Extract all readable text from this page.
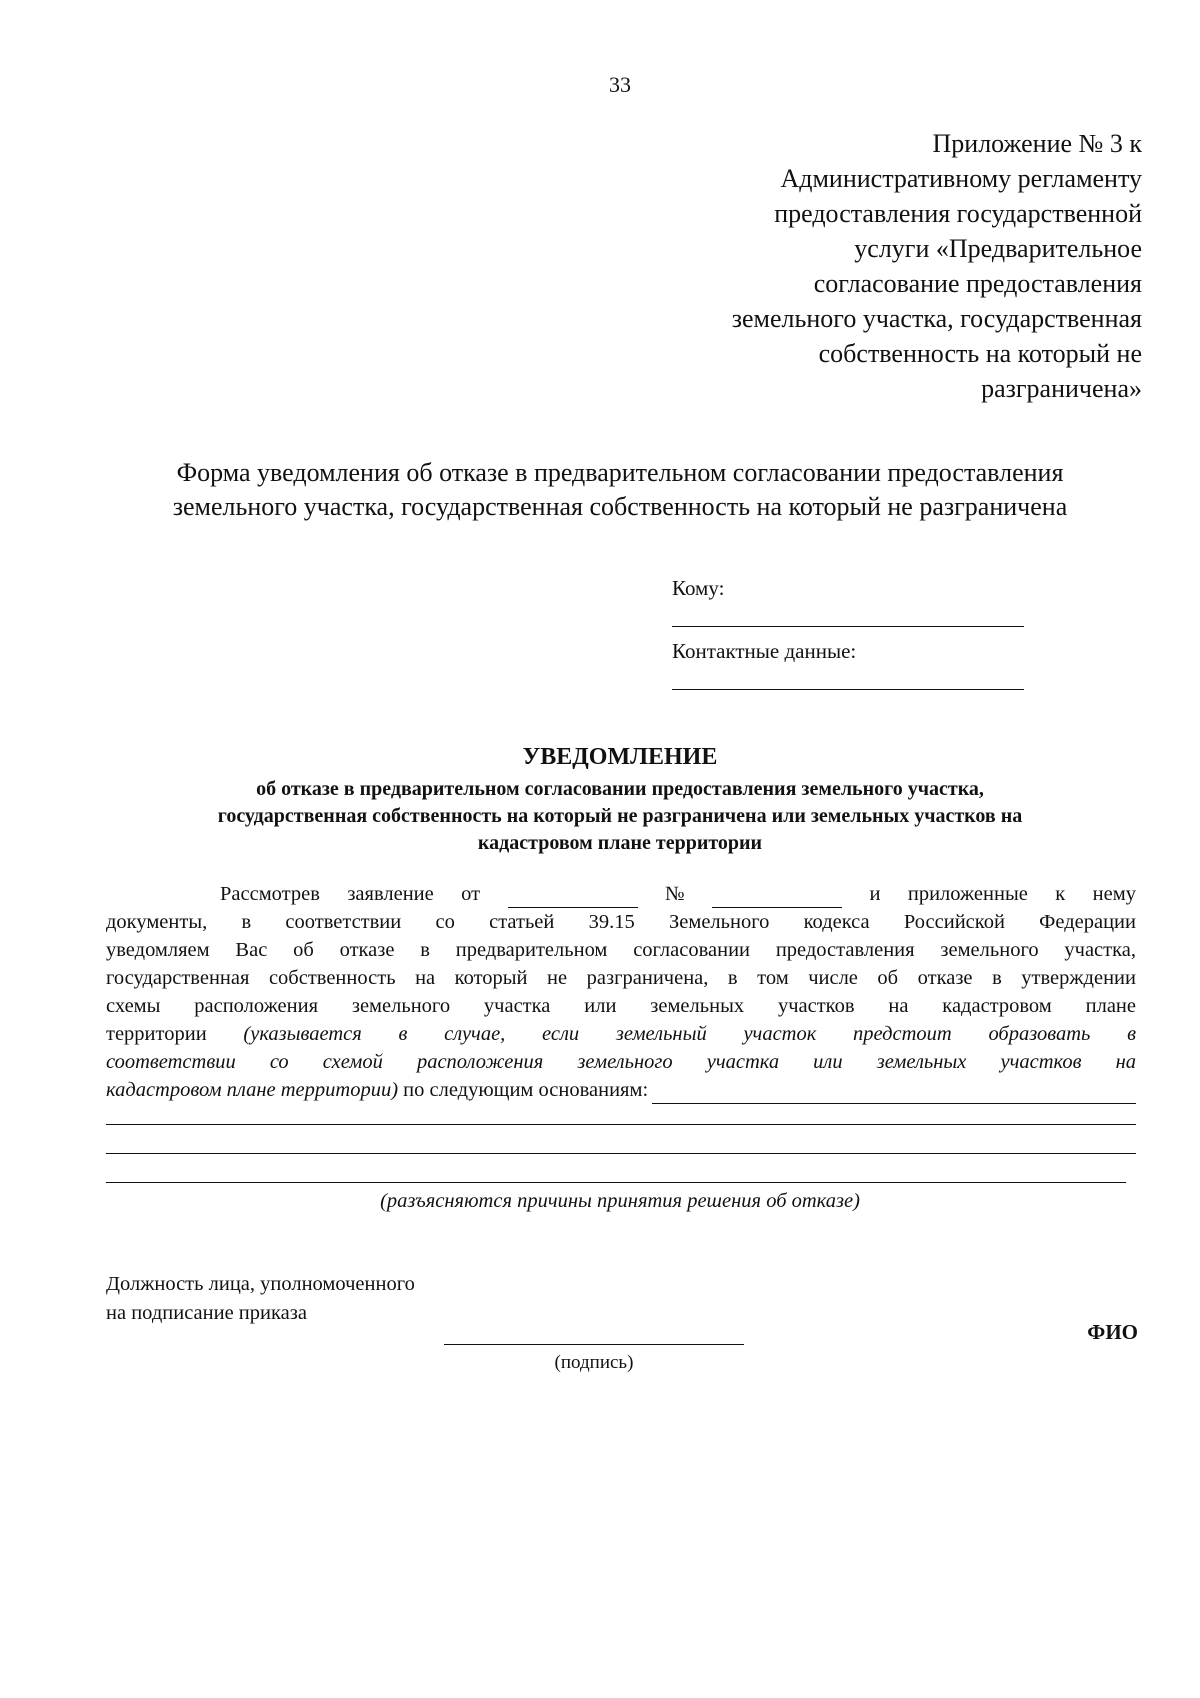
33
Приложение № 3 к
Административному регламенту
предоставления государственной
услуги «Предварительное
согласование предоставления
земельного участка, государственная
собственность на который не
разграничена»
Форма уведомления об отказе в предварительном согласовании предоставления
земельного участка, государственная собственность на который не разграничена
Кому:
Контактные данные:
УВЕДОМЛЕНИЕ
об отказе в предварительном согласовании предоставления земельного участка,
государственная собственность на который не разграничена или земельных участков на
кадастровом плане территории
Рассмотрев заявление от	№	и приложенные к нему
документы, в соответствии со статьей 39.15 Земельного кодекса Российской Федерации
уведомляем Вас об отказе в предварительном согласовании предоставления земельного участка,
государственная собственность на который не разграничена, в том числе об отказе в утверждении
схемы расположения земельного участка или земельных участков на кадастровом плане
территории (указывается в случае, если земельный участок предстоит образовать в
соответствии со схемой расположения земельного участка или земельных участков на
кадастровом плане территории) по следующим основаниям:
(разъясняются причины принятия решения об отказе)
Должность лица, уполномоченного
на подписание приказа
ФИО
(подпись)
